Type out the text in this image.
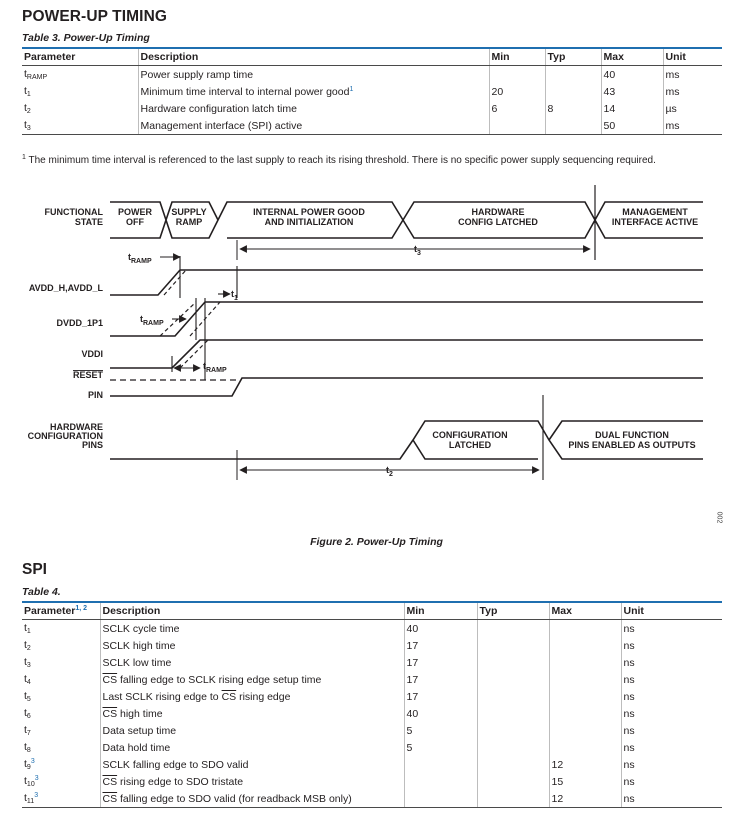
POWER-UP TIMING
Table 3. Power-Up Timing
Parameter	Description	Min	Typ	Max	Unit
$t_{RAMP}$	Power supply ramp time			40	ms
$t_1$	Minimum time interval to internal power good$^1$	20		43	ms
$t_2$	Hardware configuration latch time	6	8	14	µs
$t_3$	Management interface (SPI) active			50	ms
$^1$ The minimum time interval is referenced to the last supply to reach its rising threshold. There is no specific power supply sequencing required.
FUNCTIONAL
STATE
POWER
OFF
SUPPLY
RAMP
INTERNAL POWER GOOD
AND INITIALIZATION
HARDWARE
CONFIG LATCHED
MANAGEMENT
INTERFACE ACTIVE
AVDD_H,AVDD_L
DVDD_1P1
VDDI
RESET
PIN
HARDWARE
CONFIGURATION
PINS
CONFIGURATION
LATCHED
DUAL FUNCTION
PINS ENABLED AS OUTPUTS
$t_{RAMP}$
$t_{RAMP}$
$t_{RAMP}$
$t_1$
$t_3$
$t_2$
002
Figure 2. Power-Up Timing
SPI
Table 4.
Parameter$^{1, 2}$	Description	Min	Typ	Max	Unit
$t_1$	SCLK cycle time	40			ns
$t_2$	SCLK high time	17			ns
$t_3$	SCLK low time	17			ns
$t_4$	$\overline{CS}$ falling edge to SCLK rising edge setup time	17			ns
$t_5$	Last SCLK rising edge to $\overline{CS}$ rising edge	17			ns
$t_6$	$\overline{CS}$ high time	40			ns
$t_7$	Data setup time	5			ns
$t_8$	Data hold time	5			ns
$t_9^3$	SCLK falling edge to SDO valid			12	ns
$t_{10}^3$	$\overline{CS}$ rising edge to SDO tristate			15	ns
$t_{11}^3$	$\overline{CS}$ falling edge to SDO valid (for readback MSB only)			12	ns
